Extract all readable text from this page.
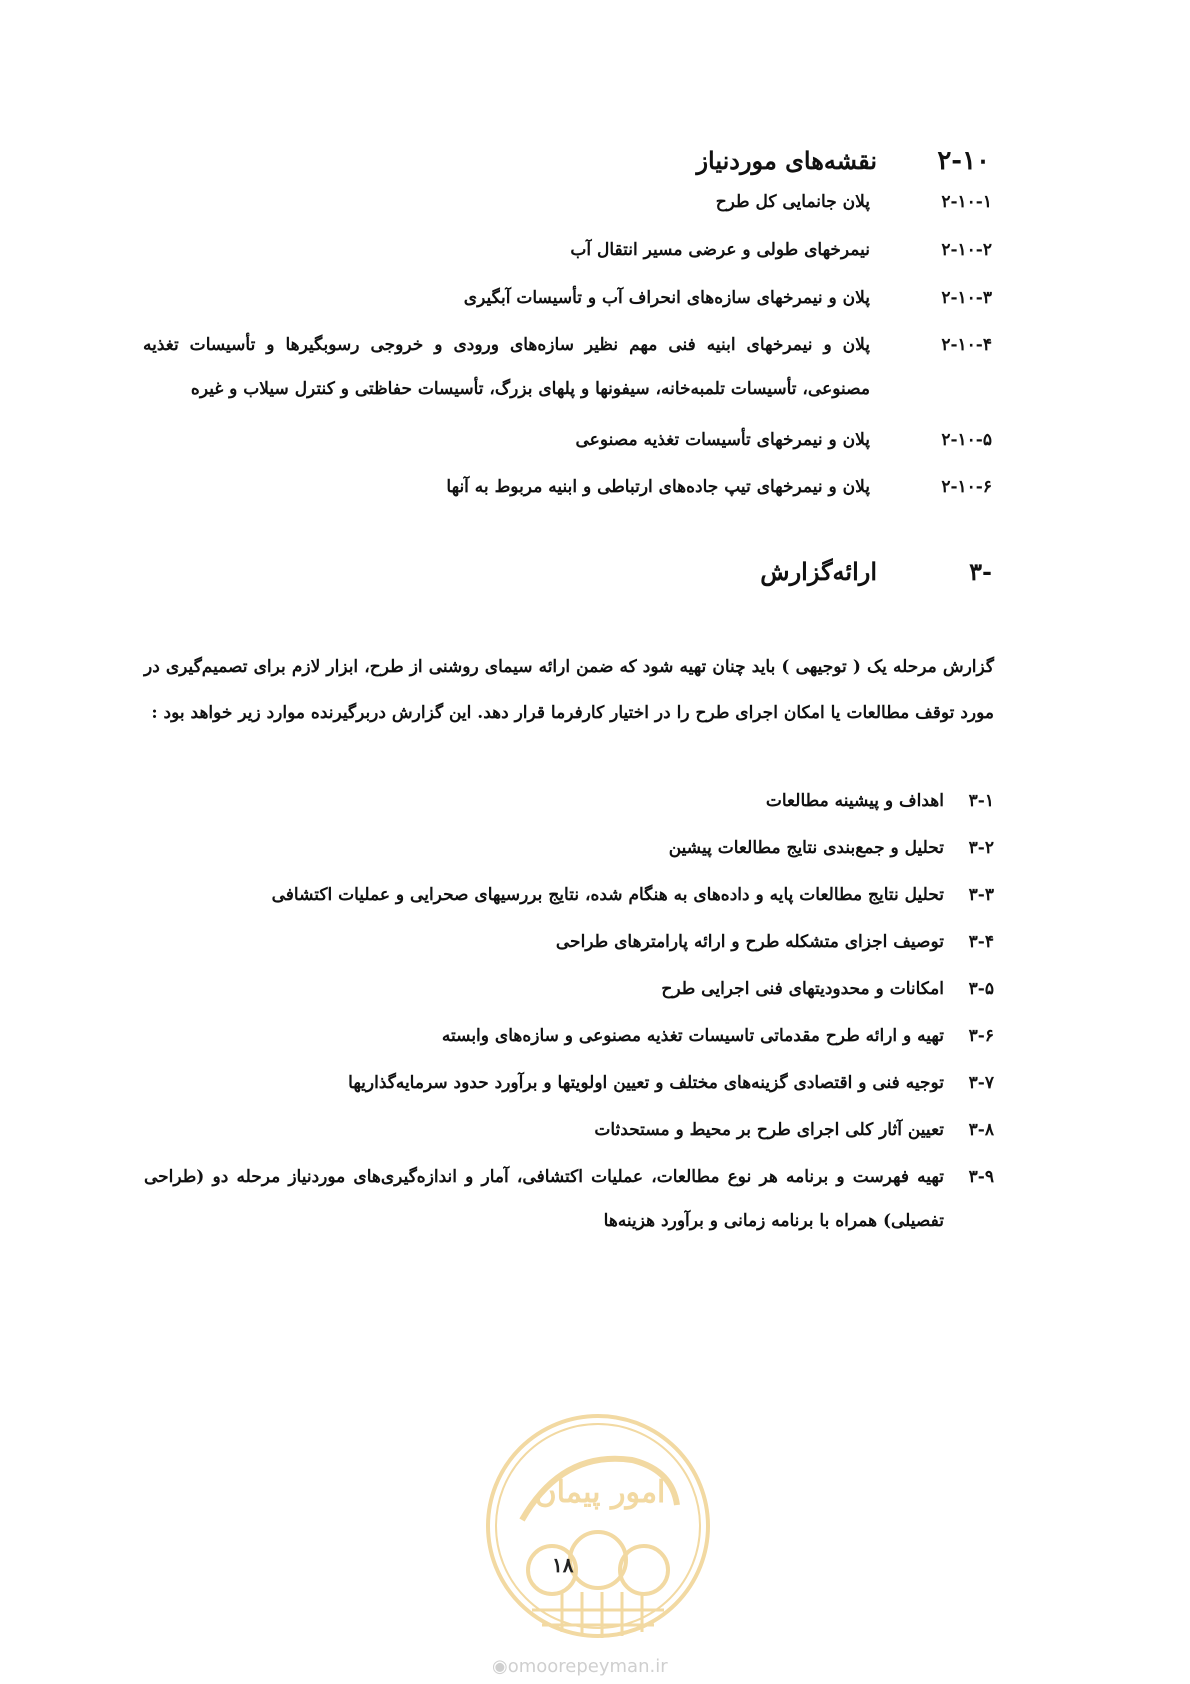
۲-۱۰
نقشه‌های موردنیاز
۲-۱۰-۱
پلان جانمایی کل طرح
۲-۱۰-۲
نیمرخهای طولی و عرضی مسیر انتقال آب
۲-۱۰-۳
پلان و نیمرخهای سازه‌های انحراف آب و تأسیسات آبگیری
۲-۱۰-۴
پلان و نیمرخهای ابنیه فنی مهم نظیر سازه‌های ورودی و خروجی رسوبگیرها و تأسیسات تغذیه
مصنوعی، تأسیسات تلمبه‌خانه، سیفونها و پلهای بزرگ، تأسیسات حفاظتی و کنترل سیلاب و غیره
۲-۱۰-۵
پلان و نیمرخهای تأسیسات تغذیه مصنوعی
۲-۱۰-۶
پلان و نیمرخهای تیپ جاده‌های ارتباطی و ابنیه مربوط به آنها
-۳
ارائه‌گزارش
گزارش مرحله یک ( توجیهی ) باید چنان تهیه شود که ضمن ارائه سیمای روشنی از طرح، ابزار لازم برای تصمیم‌گیری در مورد توقف مطالعات یا امکان اجرای طرح را در اختیار کارفرما قرار دهد. این گزارش دربرگیرنده موارد زیر خواهد بود :
۳-۱
اهداف و پیشینه مطالعات
۳-۲
تحلیل و جمع‌بندی نتایج مطالعات پیشین
۳-۳
تحلیل نتایج مطالعات پایه و داده‌های به هنگام شده، نتایج بررسیهای صحرایی و عملیات اکتشافی
۳-۴
توصیف اجزای متشکله طرح و ارائه پارامترهای طراحی
۳-۵
امکانات و محدودیتهای فنی اجرایی طرح
۳-۶
تهیه و ارائه طرح مقدماتی تاسیسات تغذیه مصنوعی و سازه‌های وابسته
۳-۷
توجیه فنی و اقتصادی گزینه‌های مختلف و تعیین اولویتها و برآورد حدود سرمایه‌گذاریها
۳-۸
تعیین آثار کلی اجرای طرح بر محیط و مستحدثات
۳-۹
تهیه فهرست و برنامه هر نوع مطالعات، عملیات اکتشافی، آمار و اندازه‌گیری‌های موردنیاز مرحله دو (طراحی
تفصیلی) همراه با برنامه زمانی و برآورد هزینه‌ها
امور پیمان
۱۸
◉omoorepeyman.ir
